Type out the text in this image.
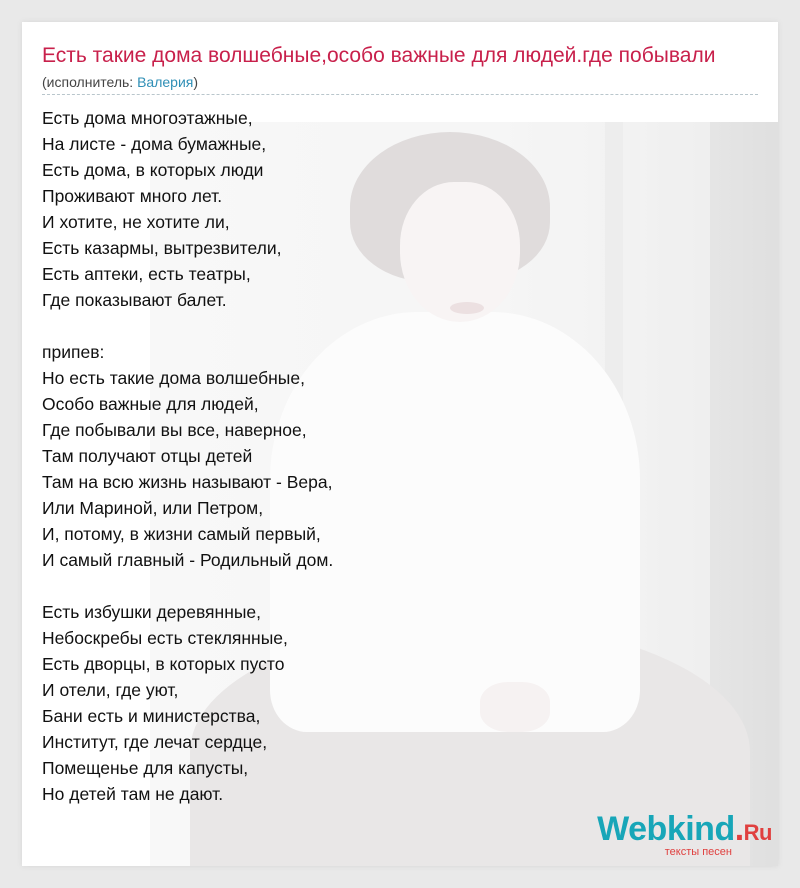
Есть такие дома волшебные,особо важные для людей.где побывали
(исполнитель: Валерия)
Есть дома многоэтажные,
На листе - дома бумажные,
Есть дома, в которых люди
Проживают много лет.
И хотите, не хотите ли,
Есть казармы, вытрезвители,
Есть аптеки, есть театры,
Где показывают балет.
припев:
Но есть такие дома волшебные,
Особо важные для людей,
Где побывали вы все, наверное,
Там получают отцы детей
Там на всю жизнь называют - Вера,
Или Мариной, или Петром,
И, потому, в жизни самый первый,
И самый главный - Родильный дом.
Есть избушки деревянные,
Небоскребы есть стеклянные,
Есть дворцы, в которых пусто
И отели, где уют,
Бани есть и министерства,
Институт, где лечат сердце,
Помещенье для капусты,
Но детей там не дают.
Webkind.Ru
тексты песен
